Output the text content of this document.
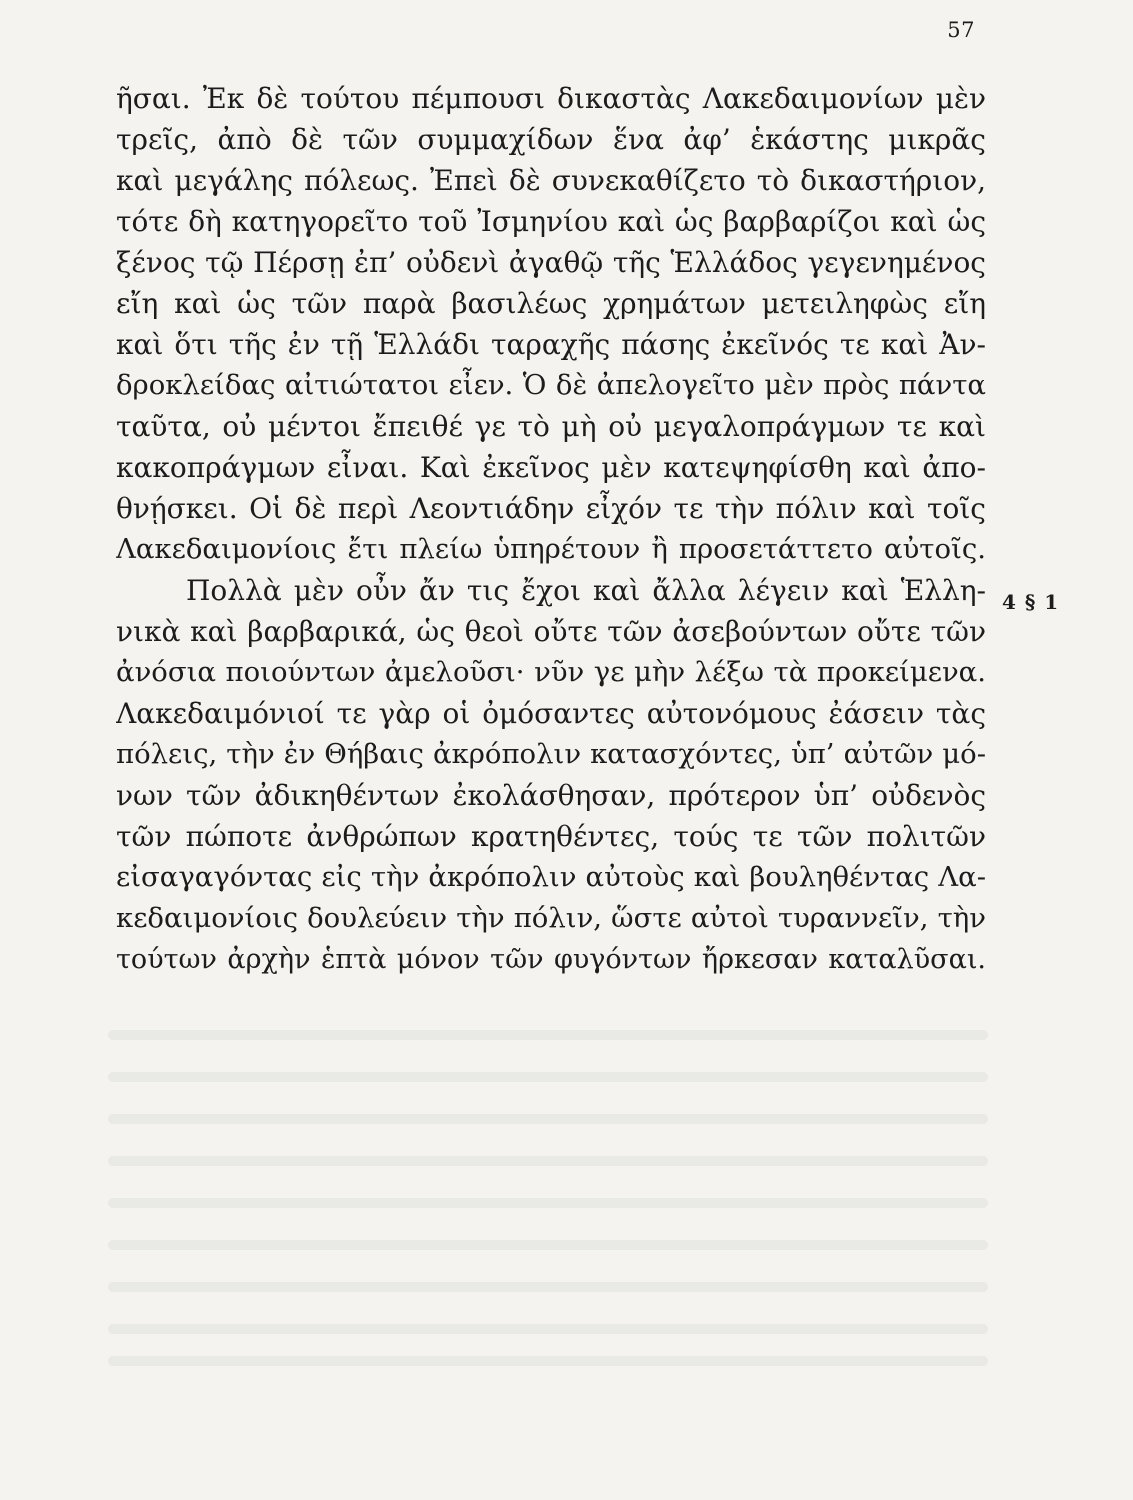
57
4 § 1
ῆσαι. Ἐκ δὲ τούτου πέμπουσι δικαστὰς Λακεδαιμονίων μὲν
τρεῖς, ἀπὸ δὲ τῶν συμμαχίδων ἕνα ἀφ’ ἑκάστης μικρᾶς
καὶ μεγάλης πόλεως. Ἐπεὶ δὲ συνεκαθίζετο τὸ δικαστήριον,
τότε δὴ κατηγορεῖτο τοῦ Ἰσμηνίου καὶ ὡς βαρβαρίζοι καὶ ὡς
ξένος τῷ Πέρσῃ ἐπ’ οὐδενὶ ἀγαθῷ τῆς Ἑλλάδος γεγενημένος
εἴη καὶ ὡς τῶν παρὰ βασιλέως χρημάτων μετειληφὼς εἴη
καὶ ὅτι τῆς ἐν τῇ Ἑλλάδι ταραχῆς πάσης ἐκεῖνός τε καὶ Ἀν-
δροκλείδας αἰτιώτατοι εἶεν. Ὁ δὲ ἀπελογεῖτο μὲν πρὸς πάντα
ταῦτα, οὐ μέντοι ἔπειθέ γε τὸ μὴ οὐ μεγαλοπράγμων τε καὶ
κακοπράγμων εἶναι. Καὶ ἐκεῖνος μὲν κατεψηφίσθη καὶ ἀπο-
θνῄσκει. Οἱ δὲ περὶ Λεοντιάδην εἶχόν τε τὴν πόλιν καὶ τοῖς
Λακεδαιμονίοις ἔτι πλείω ὑπηρέτουν ἢ προσετάττετο αὐτοῖς.
Πολλὰ μὲν οὖν ἄν τις ἔχοι καὶ ἄλλα λέγειν καὶ Ἑλλη-
νικὰ καὶ βαρβαρικά, ὡς θεοὶ οὔτε τῶν ἀσεβούντων οὔτε τῶν
ἀνόσια ποιούντων ἀμελοῦσι· νῦν γε μὴν λέξω τὰ προκείμενα.
Λακεδαιμόνιοί τε γὰρ οἱ ὀμόσαντες αὐτονόμους ἐάσειν τὰς
πόλεις, τὴν ἐν Θήβαις ἀκρόπολιν κατασχόντες, ὑπ’ αὐτῶν μό-
νων τῶν ἀδικηθέντων ἐκολάσθησαν, πρότερον ὑπ’ οὐδενὸς
τῶν πώποτε ἀνθρώπων κρατηθέντες, τούς τε τῶν πολιτῶν
εἰσαγαγόντας εἰς τὴν ἀκρόπολιν αὐτοὺς καὶ βουληθέντας Λα-
κεδαιμονίοις δουλεύειν τὴν πόλιν, ὥστε αὐτοὶ τυραννεῖν, τὴν
τούτων ἀρχὴν ἑπτὰ μόνον τῶν φυγόντων ἤρκεσαν καταλῦσαι.
